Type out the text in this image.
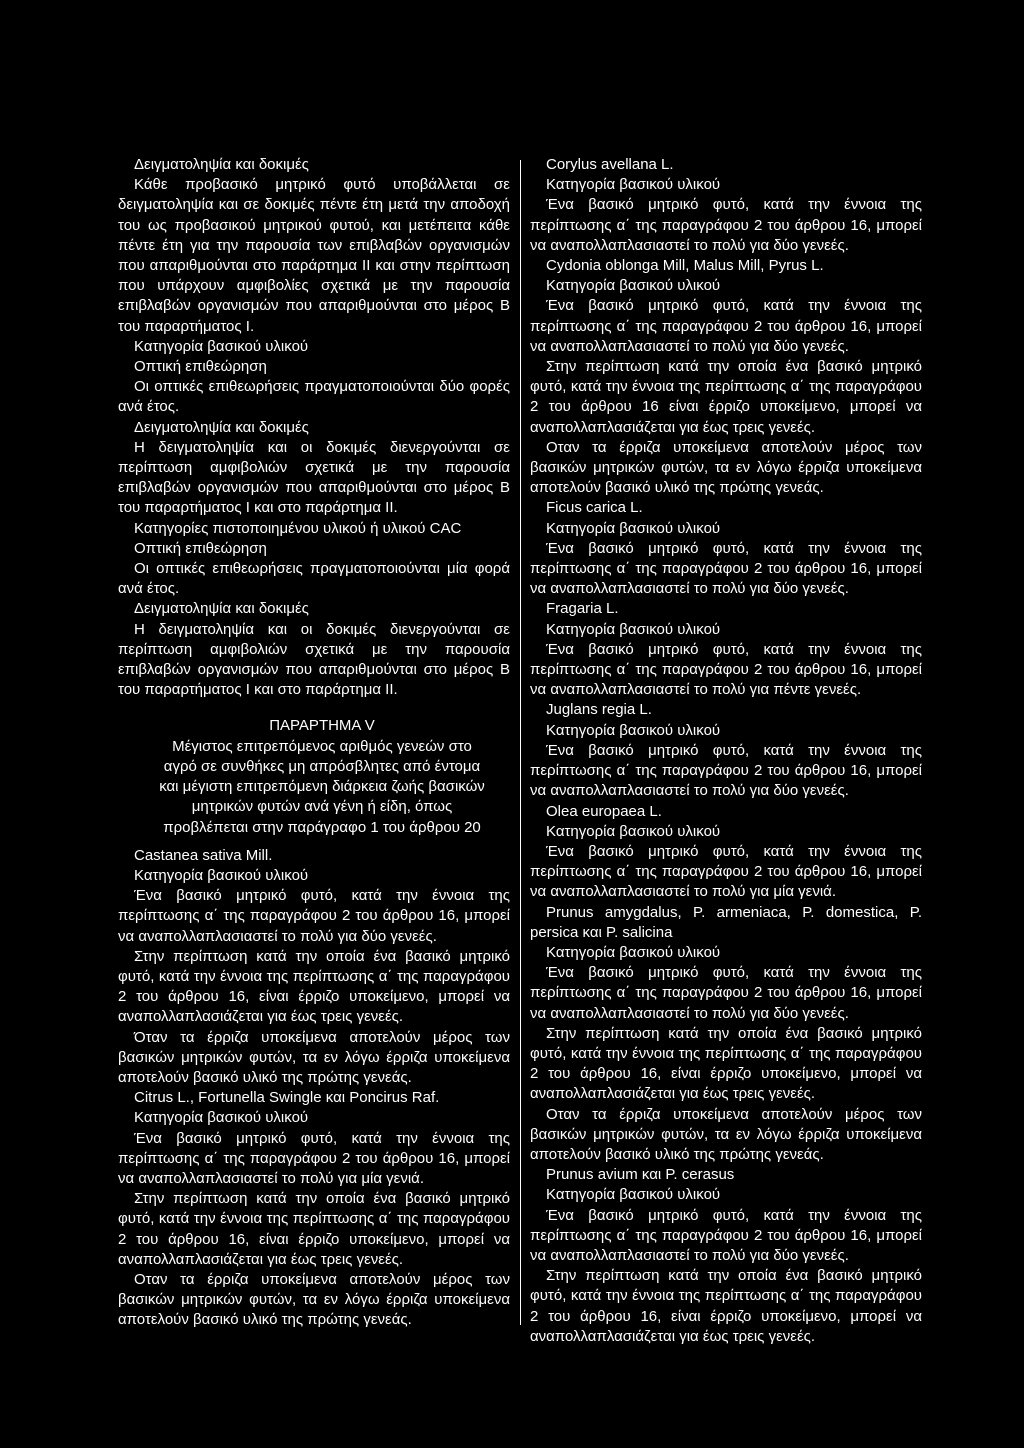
Δειγματοληψία και δοκιμές

Κάθε προβασικό μητρικό φυτό υποβάλλεται σε δειγματοληψία και σε δοκιμές πέντε έτη μετά την αποδοχή του ως προβασικού μητρικού φυτού, και μετέπειτα κάθε πέντε έτη για την παρουσία των επιβλαβών οργανισμών που απαριθμούνται στο παράρτημα II και στην περίπτωση που υπάρχουν αμφιβολίες σχετικά με την παρουσία επιβλαβών οργανισμών που απαριθμούνται στο μέρος Β του παραρτήματος I.

Κατηγορία βασικού υλικού

Οπτική επιθεώρηση

Οι οπτικές επιθεωρήσεις πραγματοποιούνται δύο φορές ανά έτος.

Δειγματοληψία και δοκιμές

Η δειγματοληψία και οι δοκιμές διενεργούνται σε περίπτωση αμφιβολιών σχετικά με την παρουσία επιβλαβών οργανισμών που απαριθμούνται στο μέρος Β του παραρτήματος I και στο παράρτημα II.

Κατηγορίες πιστοποιημένου υλικού ή υλικού CAC

Οπτική επιθεώρηση

Οι οπτικές επιθεωρήσεις πραγματοποιούνται μία φορά ανά έτος.

Δειγματοληψία και δοκιμές

Η δειγματοληψία και οι δοκιμές διενεργούνται σε περίπτωση αμφιβολιών σχετικά με την παρουσία επιβλαβών οργανισμών που απαριθμούνται στο μέρος Β του παραρτήματος I και στο παράρτημα II.

ΠΑΡΑΡΤΗΜΑ V

Μέγιστος επιτρεπόμενος αριθμός γενεών στο αγρό σε συνθήκες μη απρόσβλητες από έντομα και μέγιστη επιτρεπόμενη διάρκεια ζωής βασικών μητρικών φυτών ανά γένη ή είδη, όπως προβλέπεται στην παράγραφο 1 του άρθρου 20

Castanea sativa Mill.

Κατηγορία βασικού υλικού

Ένα βασικό μητρικό φυτό, κατά την έννοια της περίπτωσης α΄ της παραγράφου 2 του άρθρου 16, μπορεί να αναπολλαπλασιαστεί το πολύ για δύο γενεές.

Στην περίπτωση κατά την οποία ένα βασικό μητρικό φυτό, κατά την έννοια της περίπτωσης α΄ της παραγράφου 2 του άρθρου 16, είναι έρριζο υποκείμενο, μπορεί να αναπολλαπλασιάζεται για έως τρεις γενεές.

Όταν τα έρριζα υποκείμενα αποτελούν μέρος των βασικών μητρικών φυτών, τα εν λόγω έρριζα υποκείμενα αποτελούν βασικό υλικό της πρώτης γενεάς.

Citrus L., Fortunella Swingle και Poncirus Raf.

Κατηγορία βασικού υλικού

Ένα βασικό μητρικό φυτό, κατά την έννοια της περίπτωσης α΄ της παραγράφου 2 του άρθρου 16, μπορεί να αναπολλαπλασιαστεί το πολύ για μία γενιά.

Στην περίπτωση κατά την οποία ένα βασικό μητρικό φυτό, κατά την έννοια της περίπτωσης α΄ της παραγράφου 2 του άρθρου 16, είναι έρριζο υποκείμενο, μπορεί να αναπολλαπλασιάζεται για έως τρεις γενεές.

Οταν τα έρριζα υποκείμενα αποτελούν μέρος των βασικών μητρικών φυτών, τα εν λόγω έρριζα υποκείμενα αποτελούν βασικό υλικό της πρώτης γενεάς.

Corylus avellana L.

Κατηγορία βασικού υλικού

Ένα βασικό μητρικό φυτό, κατά την έννοια της περίπτωσης α΄ της παραγράφου 2 του άρθρου 16, μπορεί να αναπολλαπλασιαστεί το πολύ για δύο γενεές.

Cydonia oblonga Mill, Malus Mill, Pyrus L.

Κατηγορία βασικού υλικού

Ένα βασικό μητρικό φυτό, κατά την έννοια της περίπτωσης α΄ της παραγράφου 2 του άρθρου 16, μπορεί να αναπολλαπλασιαστεί το πολύ για δύο γενεές.

Στην περίπτωση κατά την οποία ένα βασικό μητρικό φυτό, κατά την έννοια της περίπτωσης α΄ της παραγράφου 2 του άρθρου 16 είναι έρριζο υποκείμενο, μπορεί να αναπολλαπλασιάζεται για έως τρεις γενεές.

Οταν τα έρριζα υποκείμενα αποτελούν μέρος των βασικών μητρικών φυτών, τα εν λόγω έρριζα υποκείμενα αποτελούν βασικό υλικό της πρώτης γενεάς.

Ficus carica L.

Κατηγορία βασικού υλικού

Ένα βασικό μητρικό φυτό, κατά την έννοια της περίπτωσης α΄ της παραγράφου 2 του άρθρου 16, μπορεί να αναπολλαπλασιαστεί το πολύ για δύο γενεές.

Fragaria L.

Κατηγορία βασικού υλικού

Ένα βασικό μητρικό φυτό, κατά την έννοια της περίπτωσης α΄ της παραγράφου 2 του άρθρου 16, μπορεί να αναπολλαπλασιαστεί το πολύ για πέντε γενεές.

Juglans regia L.

Κατηγορία βασικού υλικού

Ένα βασικό μητρικό φυτό, κατά την έννοια της περίπτωσης α΄ της παραγράφου 2 του άρθρου 16, μπορεί να αναπολλαπλασιαστεί το πολύ για δύο γενεές.

Olea europaea L.

Κατηγορία βασικού υλικού

Ένα βασικό μητρικό φυτό, κατά την έννοια της περίπτωσης α΄ της παραγράφου 2 του άρθρου 16, μπορεί να αναπολλαπλασιαστεί το πολύ για μία γενιά.

Prunus amygdalus, P. armeniaca, P. domestica, P. persica και P. salicina

Κατηγορία βασικού υλικού

Ένα βασικό μητρικό φυτό, κατά την έννοια της περίπτωσης α΄ της παραγράφου 2 του άρθρου 16, μπορεί να αναπολλαπλασιαστεί το πολύ για δύο γενεές.

Στην περίπτωση κατά την οποία ένα βασικό μητρικό φυτό, κατά την έννοια της περίπτωσης α΄ της παραγράφου 2 του άρθρου 16, είναι έρριζο υποκείμενο, μπορεί να αναπολλαπλασιάζεται για έως τρεις γενεές.

Οταν τα έρριζα υποκείμενα αποτελούν μέρος των βασικών μητρικών φυτών, τα εν λόγω έρριζα υποκείμενα αποτελούν βασικό υλικό της πρώτης γενεάς.

Prunus avium και P. cerasus

Κατηγορία βασικού υλικού

Ένα βασικό μητρικό φυτό, κατά την έννοια της περίπτωσης α΄ της παραγράφου 2 του άρθρου 16, μπορεί να αναπολλαπλασιαστεί το πολύ για δύο γενεές.

Στην περίπτωση κατά την οποία ένα βασικό μητρικό φυτό, κατά την έννοια της περίπτωσης α΄ της παραγράφου 2 του άρθρου 16, είναι έρριζο υποκείμενο, μπορεί να αναπολλαπλασιάζεται για έως τρεις γενεές.
